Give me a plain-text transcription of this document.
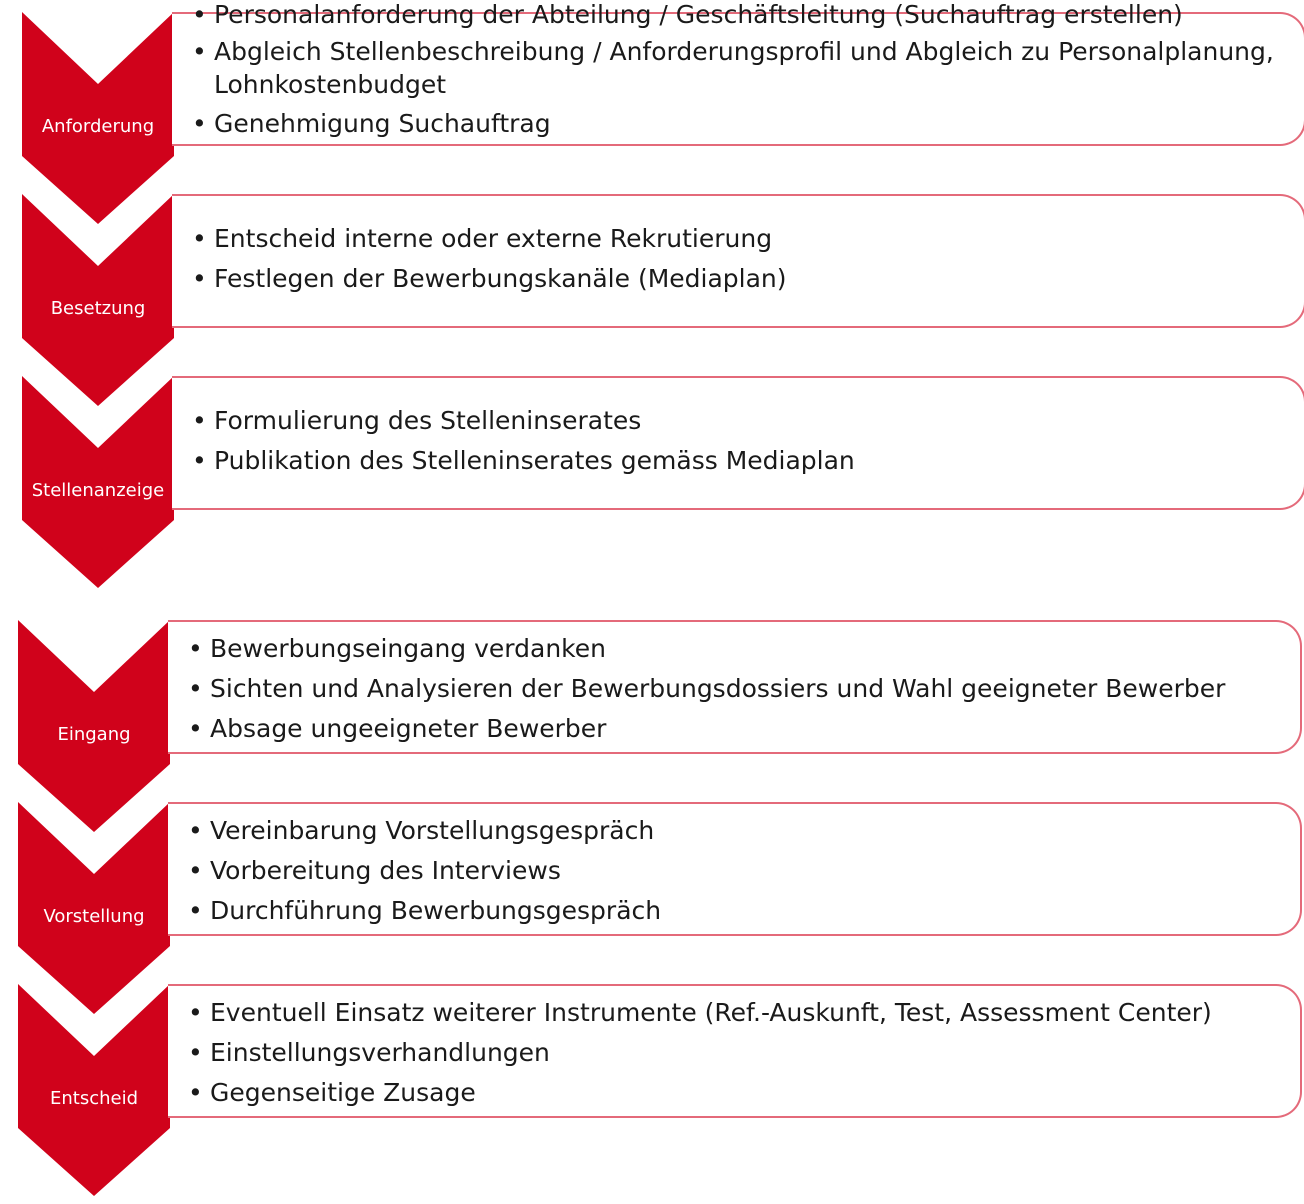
Anforderung
• Personalanforderung der Abteilung / Geschäftsleitung (Suchauftrag erstellen)
• Abgleich Stellenbeschreibung / Anforderungsprofil und Abgleich zu Personalplanung, Lohnkostenbudget
• Genehmigung Suchauftrag
Besetzung
• Entscheid interne oder externe Rekrutierung
• Festlegen der Bewerbungskanäle (Mediaplan)
Stellenanzeige
• Formulierung des Stelleninserates
• Publikation des Stelleninserates gemäss Mediaplan
Eingang
• Bewerbungseingang verdanken
• Sichten und Analysieren der Bewerbungsdossiers und Wahl geeigneter Bewerber
• Absage ungeeigneter Bewerber
Vorstellung
• Vereinbarung Vorstellungsgespräch
• Vorbereitung des Interviews
• Durchführung Bewerbungsgespräch
Entscheid
• Eventuell Einsatz weiterer Instrumente (Ref.-Auskunft, Test, Assessment Center)
• Einstellungsverhandlungen
• Gegenseitige Zusage
